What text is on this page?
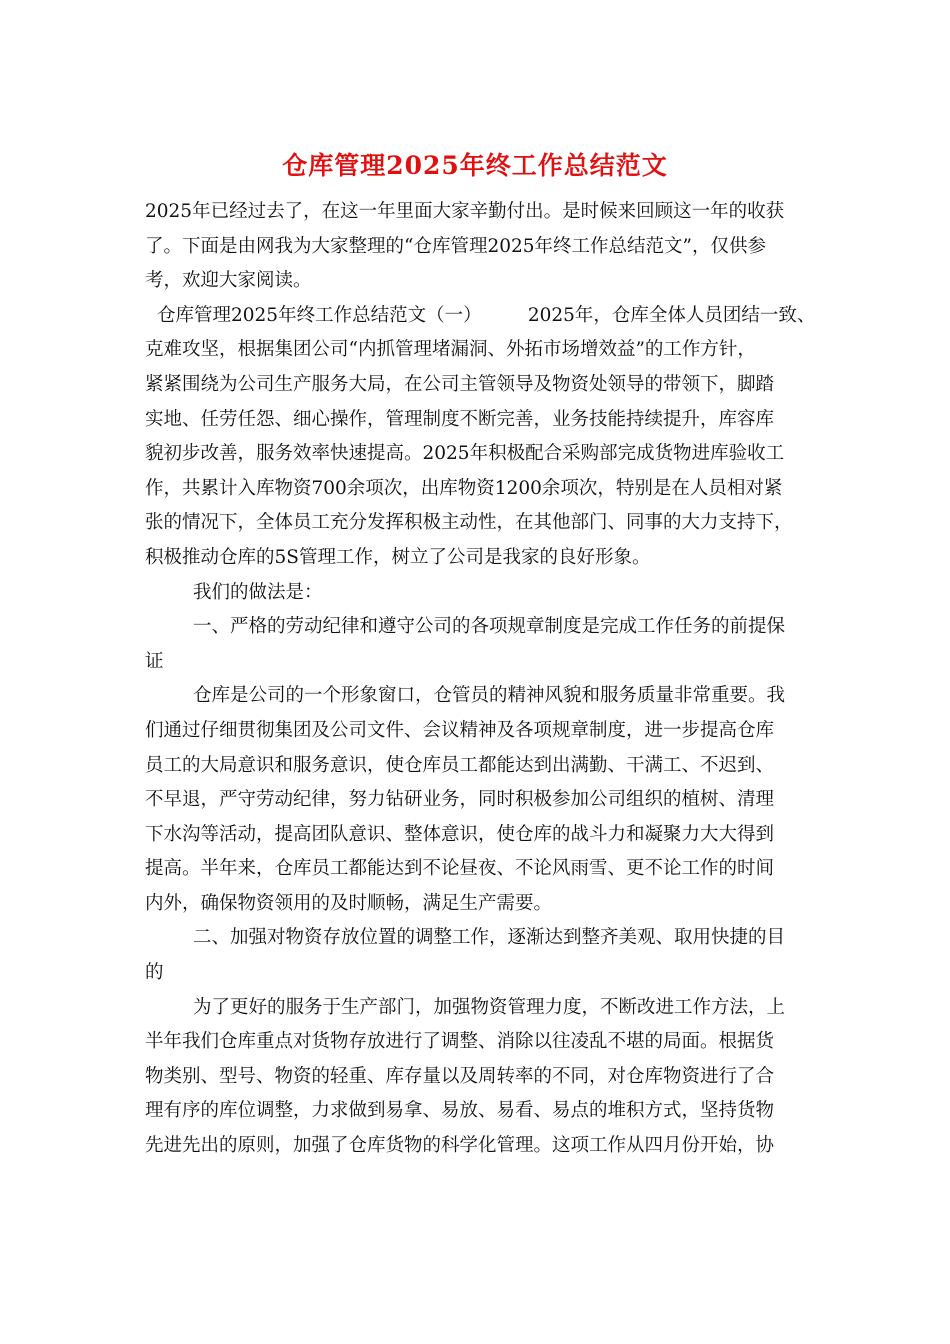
仓库管理2025年终工作总结范文
2025年已经过去了，在这一年里面大家辛勤付出。是时候来回顾这一年的收获
了。下面是由网我为大家整理的“仓库管理2025年终工作总结范文”，仅供参
考，欢迎大家阅读。
仓库管理2025年终工作总结范文（一）　　　2025年，仓库全体人员团结一致、
克难攻坚，根据集团公司“内抓管理堵漏洞、外拓市场增效益”的工作方针，
紧紧围绕为公司生产服务大局，在公司主管领导及物资处领导的带领下，脚踏
实地、任劳任怨、细心操作，管理制度不断完善，业务技能持续提升，库容库
貌初步改善，服务效率快速提高。2025年积极配合采购部完成货物进库验收工
作，共累计入库物资700余项次，出库物资1200余项次，特别是在人员相对紧
张的情况下，全体员工充分发挥积极主动性，在其他部门、同事的大力支持下，
积极推动仓库的5S管理工作，树立了公司是我家的良好形象。
我们的做法是：
一、严格的劳动纪律和遵守公司的各项规章制度是完成工作任务的前提保
证
仓库是公司的一个形象窗口，仓管员的精神风貌和服务质量非常重要。我
们通过仔细贯彻集团及公司文件、会议精神及各项规章制度，进一步提高仓库
员工的大局意识和服务意识，使仓库员工都能达到出满勤、干满工、不迟到、
不早退，严守劳动纪律，努力钻研业务，同时积极参加公司组织的植树、清理
下水沟等活动，提高团队意识、整体意识，使仓库的战斗力和凝聚力大大得到
提高。半年来，仓库员工都能达到不论昼夜、不论风雨雪、更不论工作的时间
内外，确保物资领用的及时顺畅，满足生产需要。
二、加强对物资存放位置的调整工作，逐渐达到整齐美观、取用快捷的目
的
为了更好的服务于生产部门，加强物资管理力度，不断改进工作方法，上
半年我们仓库重点对货物存放进行了调整、消除以往凌乱不堪的局面。根据货
物类别、型号、物资的轻重、库存量以及周转率的不同，对仓库物资进行了合
理有序的库位调整，力求做到易拿、易放、易看、易点的堆积方式，坚持货物
先进先出的原则，加强了仓库货物的科学化管理。这项工作从四月份开始，协
